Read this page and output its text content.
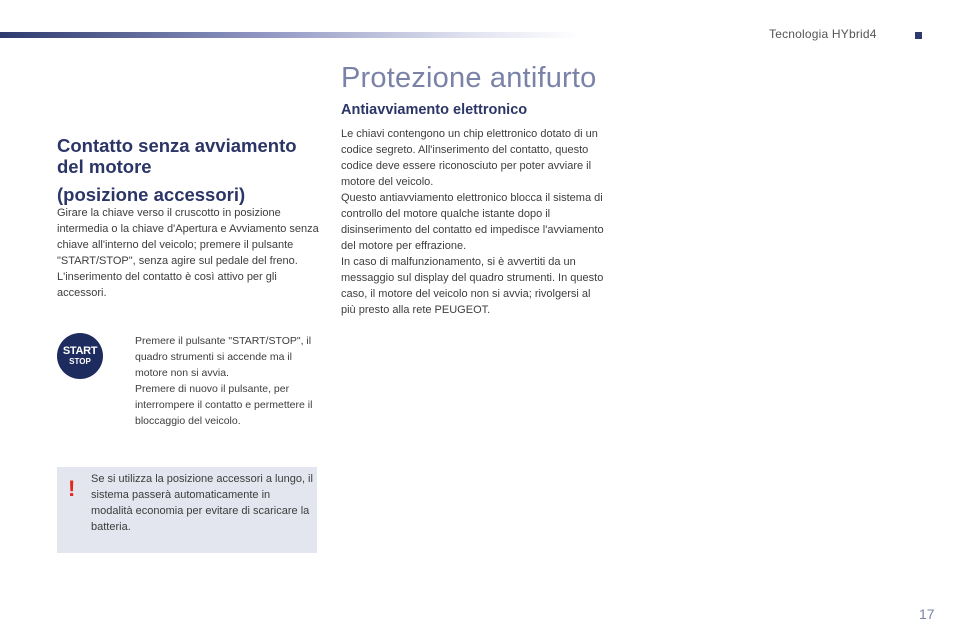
Tecnologia HYbrid4
Contatto senza avviamento del motore
(posizione accessori)

Girare la chiave verso il cruscotto in posizione intermedia o la chiave d'Apertura e Avviamento senza chiave all'interno del veicolo; premere il pulsante "START/STOP", senza agire sul pedale del freno. L'inserimento del contatto è così attivo per gli accessori.

START
STOP
Premere il pulsante "START/STOP", il quadro strumenti si accende ma il motore non si avvia.
Premere di nuovo il pulsante, per interrompere il contatto e permettere il bloccaggio del veicolo.
! Se si utilizza la posizione accessori a lungo, il sistema passerà automaticamente in modalità economia per evitare di scaricare la batteria.

Protezione antifurto
Antiavviamento elettronico

Le chiavi contengono un chip elettronico dotato di un codice segreto. All'inserimento del contatto, questo codice deve essere riconosciuto per poter avviare il motore del veicolo.

Questo antiavviamento elettronico blocca il sistema di controllo del motore qualche istante dopo il disinserimento del contatto ed impedisce l'avviamento del motore per effrazione.

In caso di malfunzionamento, si è avvertiti da un messaggio sul display del quadro strumenti. In questo caso, il motore del veicolo non si avvia; rivolgersi al più presto alla rete PEUGEOT.

17
